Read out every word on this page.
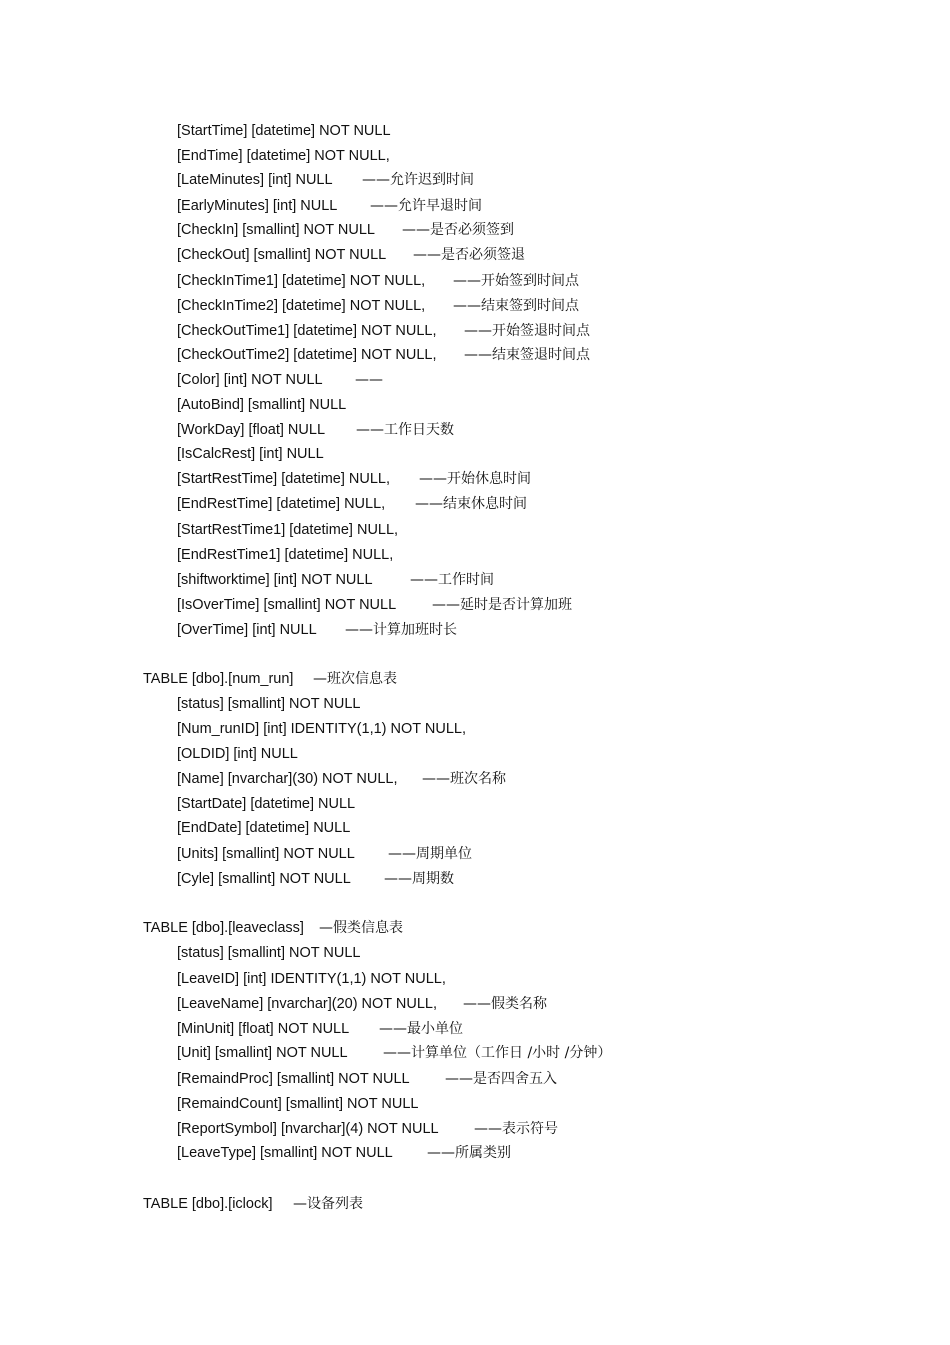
[StartTime] [datetime] NOT NULL
[EndTime] [datetime] NOT NULL,
[LateMinutes] [int] NULL ——允许迟到时间
[EarlyMinutes] [int] NULL ——允许早退时间
[CheckIn] [smallint] NOT NULL ——是否必须签到
[CheckOut] [smallint] NOT NULL ——是否必须签退
[CheckInTime1] [datetime] NOT NULL, ——开始签到时间点
[CheckInTime2] [datetime] NOT NULL, ——结束签到时间点
[CheckOutTime1] [datetime] NOT NULL, ——开始签退时间点
[CheckOutTime2] [datetime] NOT NULL, ——结束签退时间点
[Color] [int] NOT NULL ——
[AutoBind] [smallint] NULL
[WorkDay] [float] NULL ——工作日天数
[IsCalcRest] [int] NULL
[StartRestTime] [datetime] NULL, ——开始休息时间
[EndRestTime] [datetime] NULL, ——结束休息时间
[StartRestTime1] [datetime] NULL,
[EndRestTime1] [datetime] NULL,
[shiftworktime] [int] NOT NULL	——工作时间
[IsOverTime] [smallint] NOT NULL	——延时是否计算加班
[OverTime] [int] NULL ——计算加班时长
TABLE [dbo].[num_run] —班次信息表
[status] [smallint] NOT NULL
[Num_runID] [int] IDENTITY(1,1) NOT NULL,
[OLDID] [int] NULL
[Name] [nvarchar](30) NOT NULL, ——班次名称
[StartDate] [datetime] NULL
[EndDate] [datetime] NULL
[Units] [smallint] NOT NULL ——周期单位
[Cyle] [smallint] NOT NULL ——周期数
TABLE [dbo].[leaveclass] —假类信息表
[status] [smallint] NOT NULL
[LeaveID] [int] IDENTITY(1,1) NOT NULL,
[LeaveName] [nvarchar](20) NOT NULL, ——假类名称
[MinUnit] [float] NOT NULL ——最小单位
[Unit] [smallint] NOT NULL	——计算单位（工作日 /小时 /分钟）
[RemaindProc] [smallint] NOT NULL	——是否四舍五入
[RemaindCount] [smallint] NOT NULL
[ReportSymbol] [nvarchar](4) NOT NULL	——表示符号
[LeaveType] [smallint] NOT NULL ——所属类别
TABLE [dbo].[iclock] —设备列表
